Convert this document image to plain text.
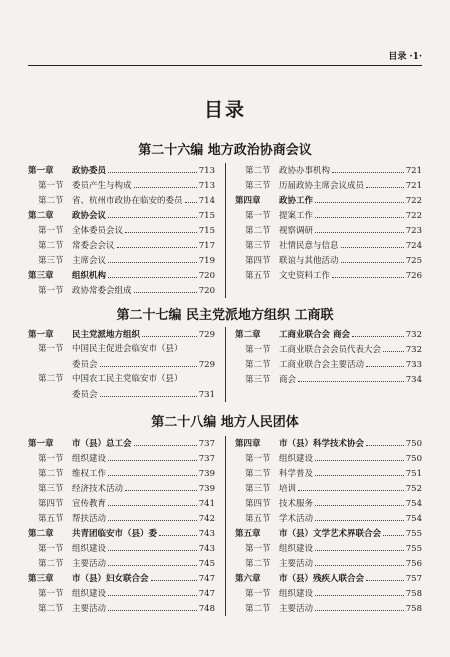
目录 ·1·
目录
第二十六编 地方政治协商会议
第一章	政协委员	713
第一节 委员产生与构成	713
第二节 省、杭州市政协在临安的委员 714
第二章	政协会议	715
第一节 全体委员会议	715
第二节 常委会会议	717
第三节 主席会议	719
第三章	组织机构	720
第一节 政协常委会组成	720
第二节 政协办事机构	721
第三节 历届政协主席会议成员	721
第四章	政协工作	722
第一节 提案工作	722
第二节 视察调研	723
第三节 社情民意与信息	724
第四节 联谊与其他活动	725
第五节 文史资料工作	726
第二十七编 民主党派地方组织 工商联
第一章	民主党派地方组织	729
第一节 中国民主促进会临安市（县）
委员会	729
第二节 中国农工民主党临安市（县）
委员会	731
第二章	工商业联合会 商会	732
第一节 工商业联合会会员代表大会	732
第二节 工商业联合会主要活动	733
第三节 商会	734
第二十八编 地方人民团体
第一章	市（县）总工会	737
第一节 组织建设	737
第二节 维权工作	739
第三节 经济技术活动	739
第四节 宣传教育	741
第五节 帮扶活动	742
第二章	共青团临安市（县）委	743
第一节 组织建设	743
第二节 主要活动	745
第三章	市（县）妇女联合会	747
第一节 组织建设	747
第二节 主要活动	748
第四章	市（县）科学技术协会	750
第一节 组织建设	750
第二节 科学普及	751
第三节 培训	752
第四节 技术服务	754
第五节 学术活动	754
第五章	市（县）文学艺术界联合会	755
第一节 组织建设	755
第二节 主要活动	756
第六章	市（县）残疾人联合会	757
第一节 组织建设	758
第二节 主要活动	758
